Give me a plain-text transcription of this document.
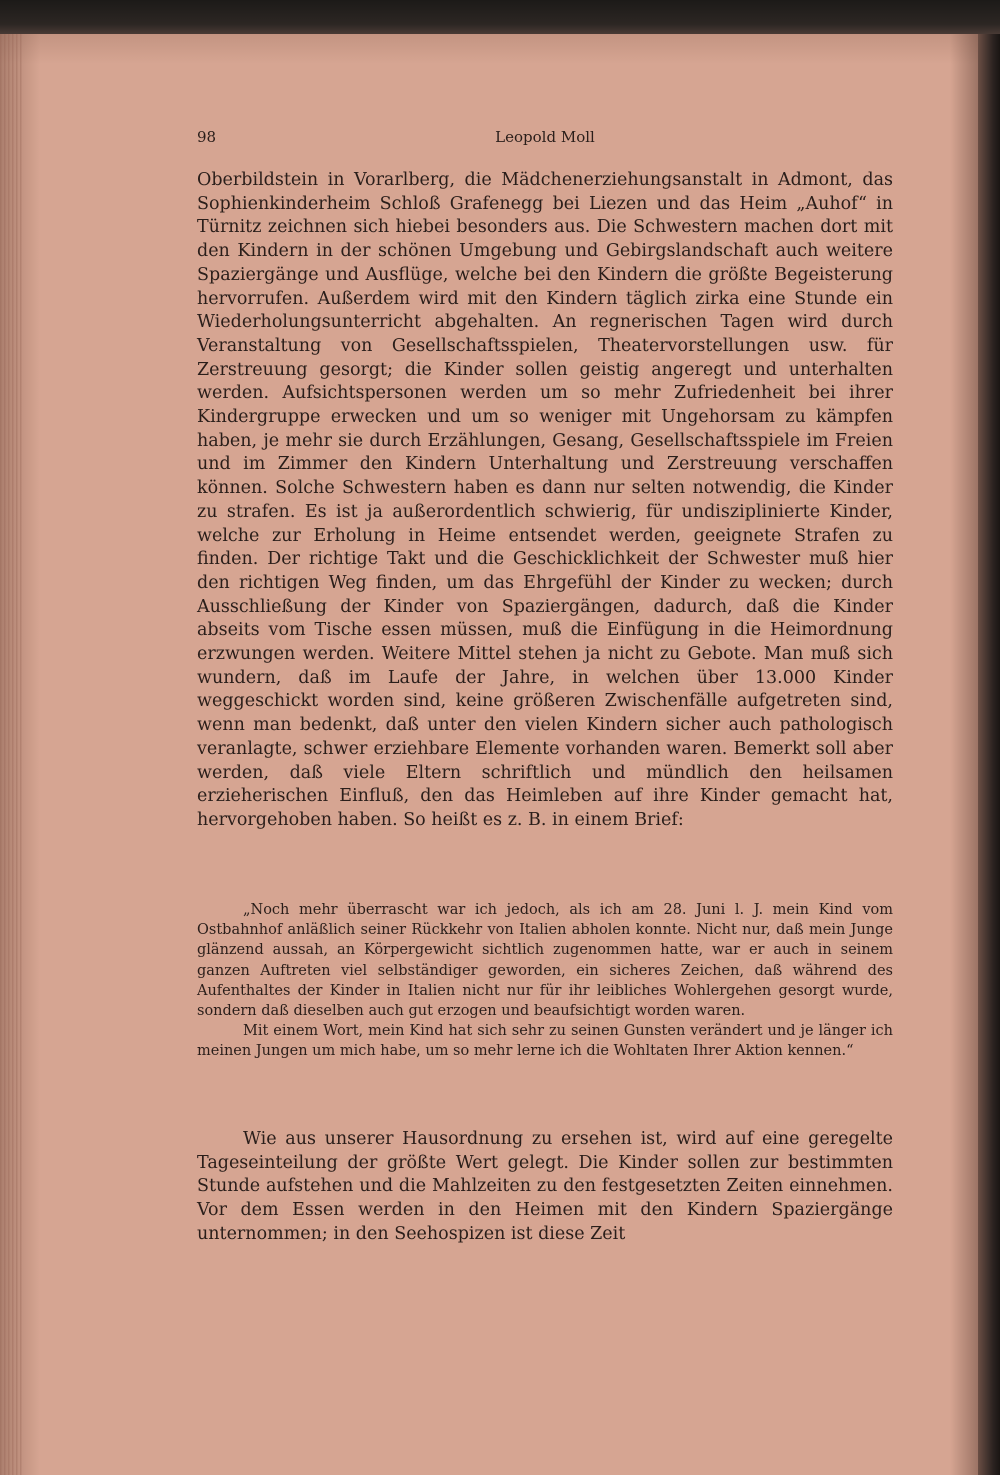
98	Leopold Moll

Oberbildstein in Vorarlberg, die Mädchenerziehungsanstalt in Admont, das Sophienkinderheim Schloß Grafenegg bei Liezen und das Heim „Auhof“ in Türnitz zeichnen sich hiebei besonders aus. Die Schwestern machen dort mit den Kindern in der schönen Umgebung und Gebirgslandschaft auch weitere Spaziergänge und Ausflüge, welche bei den Kindern die größte Begeisterung hervorrufen. Außerdem wird mit den Kindern täglich zirka eine Stunde ein Wiederholungsunterricht abgehalten. An regnerischen Tagen wird durch Veranstaltung von Gesellschaftsspielen, Theatervorstellungen usw. für Zerstreuung gesorgt; die Kinder sollen geistig angeregt und unterhalten werden. Aufsichtspersonen werden um so mehr Zufriedenheit bei ihrer Kindergruppe erwecken und um so weniger mit Ungehorsam zu kämpfen haben, je mehr sie durch Erzählungen, Gesang, Gesellschaftsspiele im Freien und im Zimmer den Kindern Unterhaltung und Zerstreuung verschaffen können. Solche Schwestern haben es dann nur selten notwendig, die Kinder zu strafen. Es ist ja außerordentlich schwierig, für undisziplinierte Kinder, welche zur Erholung in Heime entsendet werden, geeignete Strafen zu finden. Der richtige Takt und die Geschicklichkeit der Schwester muß hier den richtigen Weg finden, um das Ehrgefühl der Kinder zu wecken; durch Ausschließung der Kinder von Spaziergängen, dadurch, daß die Kinder abseits vom Tische essen müssen, muß die Einfügung in die Heimordnung erzwungen werden. Weitere Mittel stehen ja nicht zu Gebote. Man muß sich wundern, daß im Laufe der Jahre, in welchen über 13.000 Kinder weggeschickt worden sind, keine größeren Zwischenfälle aufgetreten sind, wenn man bedenkt, daß unter den vielen Kindern sicher auch pathologisch veranlagte, schwer erziehbare Elemente vorhanden waren. Bemerkt soll aber werden, daß viele Eltern schriftlich und mündlich den heilsamen erzieherischen Einfluß, den das Heimleben auf ihre Kinder gemacht hat, hervorgehoben haben. So heißt es z. B. in einem Brief:

„Noch mehr überrascht war ich jedoch, als ich am 28. Juni l. J. mein Kind vom Ostbahnhof anläßlich seiner Rückkehr von Italien abholen konnte. Nicht nur, daß mein Junge glänzend aussah, an Körpergewicht sichtlich zugenommen hatte, war er auch in seinem ganzen Auftreten viel selbständiger geworden, ein sicheres Zeichen, daß während des Aufenthaltes der Kinder in Italien nicht nur für ihr leibliches Wohlergehen gesorgt wurde, sondern daß dieselben auch gut erzogen und beaufsichtigt worden waren.

Mit einem Wort, mein Kind hat sich sehr zu seinen Gunsten verändert und je länger ich meinen Jungen um mich habe, um so mehr lerne ich die Wohltaten Ihrer Aktion kennen.“

Wie aus unserer Hausordnung zu ersehen ist, wird auf eine geregelte Tageseinteilung der größte Wert gelegt. Die Kinder sollen zur bestimmten Stunde aufstehen und die Mahlzeiten zu den festgesetzten Zeiten einnehmen. Vor dem Essen werden in den Heimen mit den Kindern Spaziergänge unternommen; in den Seehospizen ist diese Zeit
